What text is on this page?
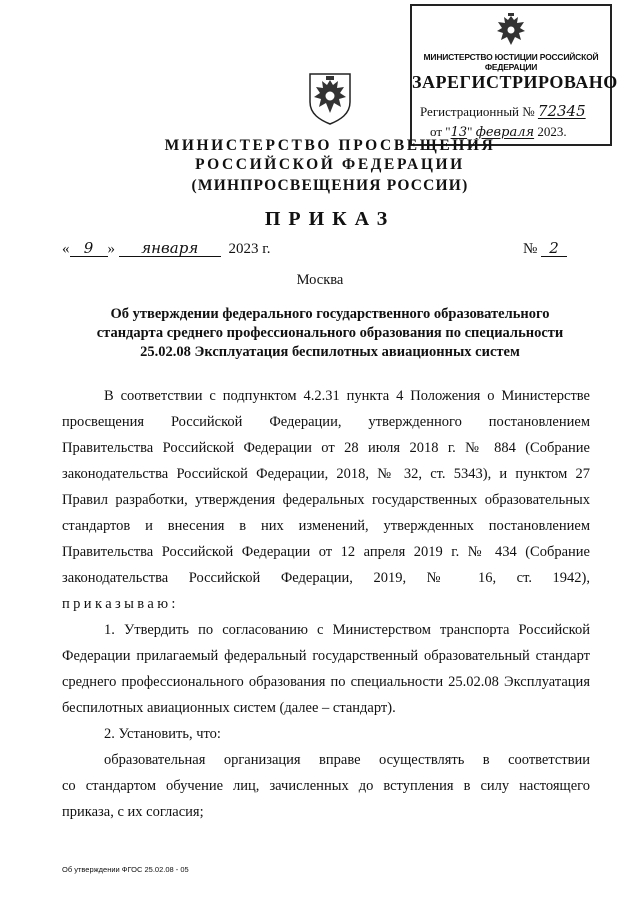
МИНИСТЕРСТВО ЮСТИЦИИ РОССИЙСКОЙ ФЕДЕРАЦИИ
ЗАРЕГИСТРИРОВАНО
Регистрационный № 72345
от "13" февраля 2023.
МИНИСТЕРСТВО ПРОСВЕЩЕНИЯ
РОССИЙСКОЙ ФЕДЕРАЦИИ
(МИНПРОСВЕЩЕНИЯ РОССИИ)
ПРИКАЗ
« 9 » января 2023 г.	№ 2
Москва
Об утверждении федерального государственного образовательного
стандарта среднего профессионального образования по специальности
25.02.08 Эксплуатация беспилотных авиационных систем
В соответствии с подпунктом 4.2.31 пункта 4 Положения о Министерстве
просвещения Российской Федерации, утвержденного постановлением
Правительства Российской Федерации от 28 июля 2018 г. № 884 (Собрание
законодательства Российской Федерации, 2018, № 32, ст. 5343), и пунктом 27
Правил разработки, утверждения федеральных государственных образовательных
стандартов и внесения в них изменений, утвержденных постановлением
Правительства Российской Федерации от 12 апреля 2019 г. № 434 (Собрание
законодательства Российской Федерации, 2019, № 16, ст. 1942),
приказываю:
1. Утвердить по согласованию с Министерством транспорта Российской
Федерации прилагаемый федеральный государственный образовательный стандарт
среднего профессионального образования по специальности 25.02.08 Эксплуатация
беспилотных авиационных систем (далее – стандарт).
2. Установить, что:
образовательная организация вправе осуществлять в соответствии
со стандартом обучение лиц, зачисленных до вступления в силу настоящего
приказа, с их согласия;
Об утверждении ФГОС 25.02.08 - 05
